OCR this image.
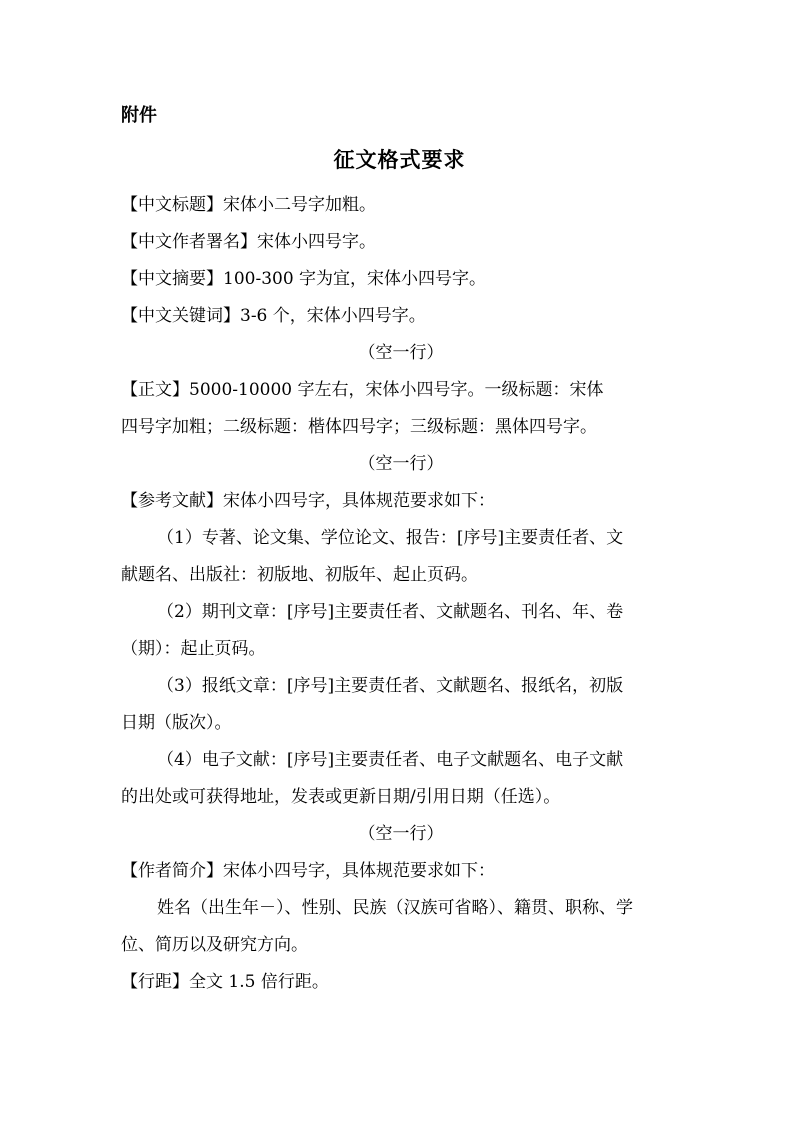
附件
征文格式要求

【中文标题】宋体小二号字加粗。

【中文作者署名】宋体小四号字。

【中文摘要】100-300 字为宜，宋体小四号字。

【中文关键词】3-6 个，宋体小四号字。

（空一行）

【正文】5000-10000 字左右，宋体小四号字。一级标题：宋体
四号字加粗；二级标题：楷体四号字；三级标题：黑体四号字。

（空一行）

【参考文献】宋体小四号字，具体规范要求如下：

（1）专著、论文集、学位论文、报告：[序号]主要责任者、文
献题名、出版社：初版地、初版年、起止页码。

（2）期刊文章：[序号]主要责任者、文献题名、刊名、年、卷
（期）：起止页码。

（3）报纸文章：[序号]主要责任者、文献题名、报纸名，初版
日期（版次）。

（4）电子文献：[序号]主要责任者、电子文献题名、电子文献
的出处或可获得地址，发表或更新日期/引用日期（任选）。

（空一行）

【作者简介】宋体小四号字，具体规范要求如下：

姓名（出生年－）、性别、民族（汉族可省略）、籍贯、职称、学
位、简历以及研究方向。

【行距】全文 1.5 倍行距。
